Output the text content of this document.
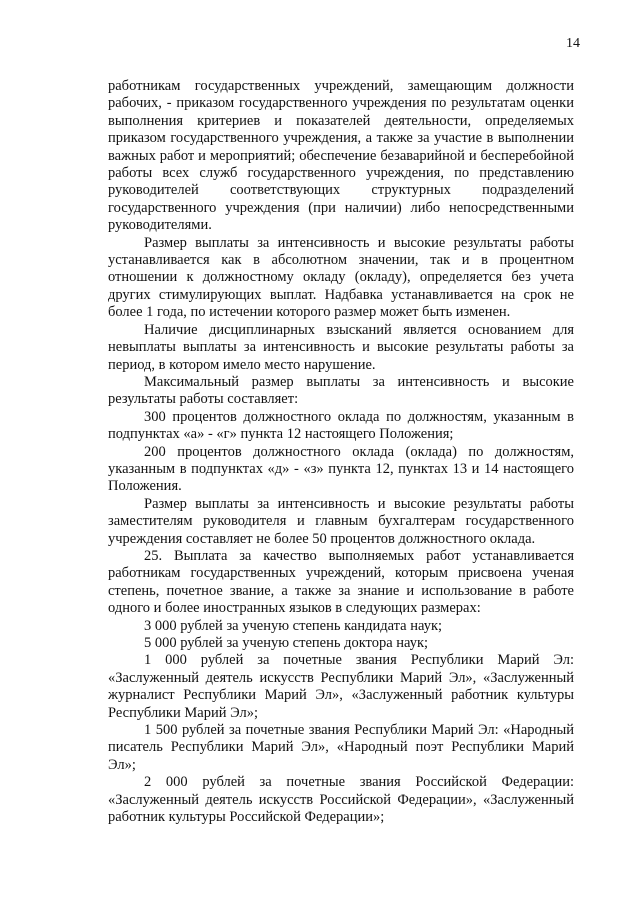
14

работникам государственных учреждений, замещающим должности рабочих, - приказом государственного учреждения по результатам оценки выполнения критериев и показателей деятельности, определяемых приказом государственного учреждения, а также за участие в выполнении важных работ и мероприятий; обеспечение безаварийной и бесперебойной работы всех служб государственного учреждения, по представлению руководителей соответствующих структурных подразделений государственного учреждения (при наличии) либо непосредственными руководителями.

Размер выплаты за интенсивность и высокие результаты работы устанавливается как в абсолютном значении, так и в процентном отношении к должностному окладу (окладу), определяется без учета других стимулирующих выплат. Надбавка устанавливается на срок не более 1 года, по истечении которого размер может быть изменен.

Наличие дисциплинарных взысканий является основанием для невыплаты выплаты за интенсивность и высокие результаты работы за период, в котором имело место нарушение.

Максимальный размер выплаты за интенсивность и высокие результаты работы составляет:

300 процентов должностного оклада по должностям, указанным в подпунктах «а» - «г» пункта 12 настоящего Положения;

200 процентов должностного оклада (оклада) по должностям, указанным в подпунктах «д» - «з» пункта 12, пунктах 13 и 14 настоящего Положения.

Размер выплаты за интенсивность и высокие результаты работы заместителям руководителя и главным бухгалтерам государственного учреждения составляет не более 50 процентов должностного оклада.

25. Выплата за качество выполняемых работ устанавливается работникам государственных учреждений, которым присвоена ученая степень, почетное звание, а также за знание и использование в работе одного и более иностранных языков в следующих размерах:

3 000 рублей за ученую степень кандидата наук;

5 000 рублей за ученую степень доктора наук;

1 000 рублей за почетные звания Республики Марий Эл: «Заслуженный деятель искусств Республики Марий Эл», «Заслуженный журналист Республики Марий Эл», «Заслуженный работник культуры Республики Марий Эл»;

1 500 рублей за почетные звания Республики Марий Эл: «Народный писатель Республики Марий Эл», «Народный поэт Республики Марий Эл»;

2 000 рублей за почетные звания Российской Федерации: «Заслуженный деятель искусств Российской Федерации», «Заслуженный работник культуры Российской Федерации»;
